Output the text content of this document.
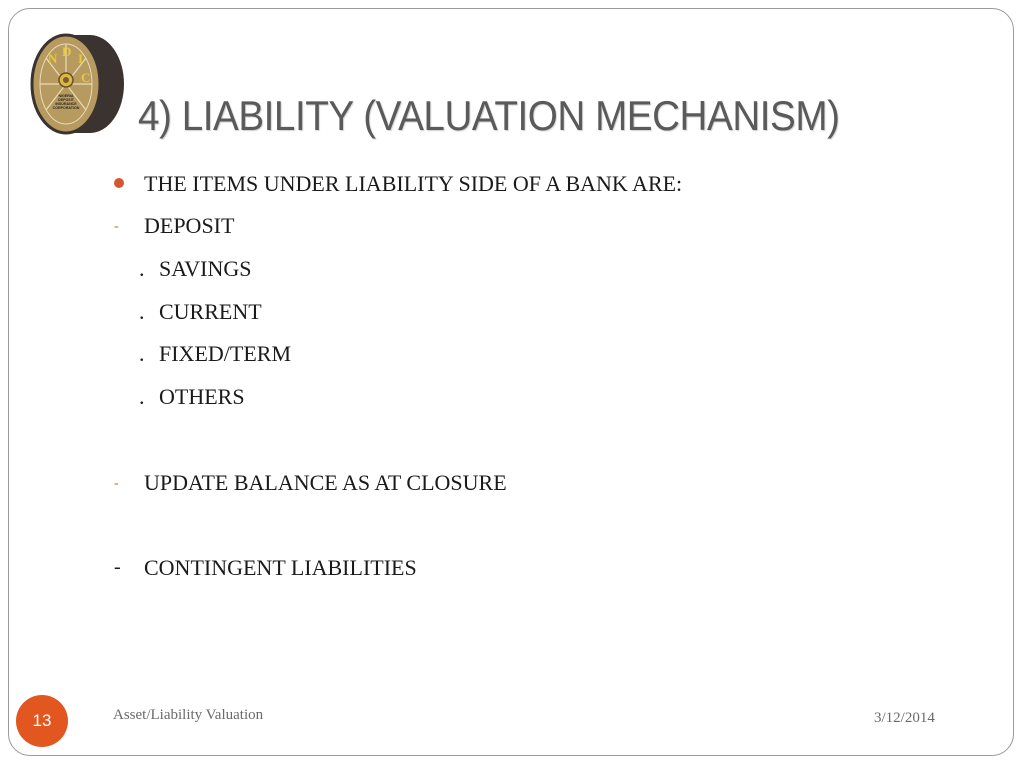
N D I
C
NIGERIA
DEPOSIT
INSURANCE
CORPORATION 4) LIABILITY (VALUATION MECHANISM)
THE ITEMS UNDER LIABILITY SIDE OF A BANK ARE:
- DEPOSIT
. SAVINGS
. CURRENT
. FIXED/TERM
. OTHERS
- UPDATE BALANCE AS AT CLOSURE
- CONTINGENT LIABILITIES
13	Asset/Liability Valuation	3/12/2014
